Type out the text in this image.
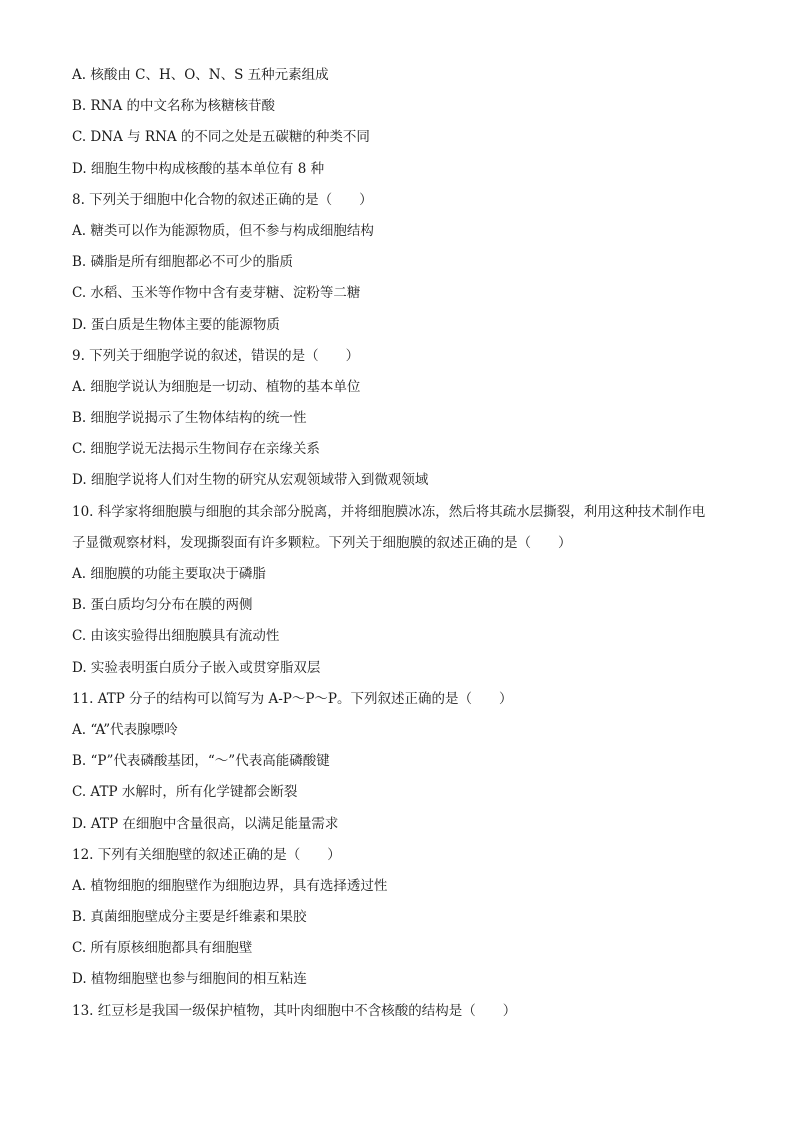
A. 核酸由 C、H、O、N、S 五种元素组成
B. RNA 的中文名称为核糖核苷酸
C. DNA 与 RNA 的不同之处是五碳糖的种类不同
D. 细胞生物中构成核酸的基本单位有 8 种
8. 下列关于细胞中化合物的叙述正确的是（　　）
A. 糖类可以作为能源物质，但不参与构成细胞结构
B. 磷脂是所有细胞都必不可少的脂质
C. 水稻、玉米等作物中含有麦芽糖、淀粉等二糖
D. 蛋白质是生物体主要的能源物质
9. 下列关于细胞学说的叙述，错误的是（　　）
A. 细胞学说认为细胞是一切动、植物的基本单位
B. 细胞学说揭示了生物体结构的统一性
C. 细胞学说无法揭示生物间存在亲缘关系
D. 细胞学说将人们对生物的研究从宏观领域带入到微观领域
10. 科学家将细胞膜与细胞的其余部分脱离，并将细胞膜冰冻，然后将其疏水层撕裂，利用这种技术制作电
子显微观察材料，发现撕裂面有许多颗粒。下列关于细胞膜的叙述正确的是（　　）
A. 细胞膜的功能主要取决于磷脂
B. 蛋白质均匀分布在膜的两侧
C. 由该实验得出细胞膜具有流动性
D. 实验表明蛋白质分子嵌入或贯穿脂双层
11. ATP 分子的结构可以简写为 A-P～P～P。下列叙述正确的是（　　）
A. “A”代表腺嘌呤
B. “P”代表磷酸基团，“～”代表高能磷酸键
C. ATP 水解时，所有化学键都会断裂
D. ATP 在细胞中含量很高，以满足能量需求
12. 下列有关细胞壁的叙述正确的是（　　）
A. 植物细胞的细胞壁作为细胞边界，具有选择透过性
B. 真菌细胞壁成分主要是纤维素和果胶
C. 所有原核细胞都具有细胞壁
D. 植物细胞壁也参与细胞间的相互粘连
13. 红豆杉是我国一级保护植物，其叶肉细胞中不含核酸的结构是（　　）
